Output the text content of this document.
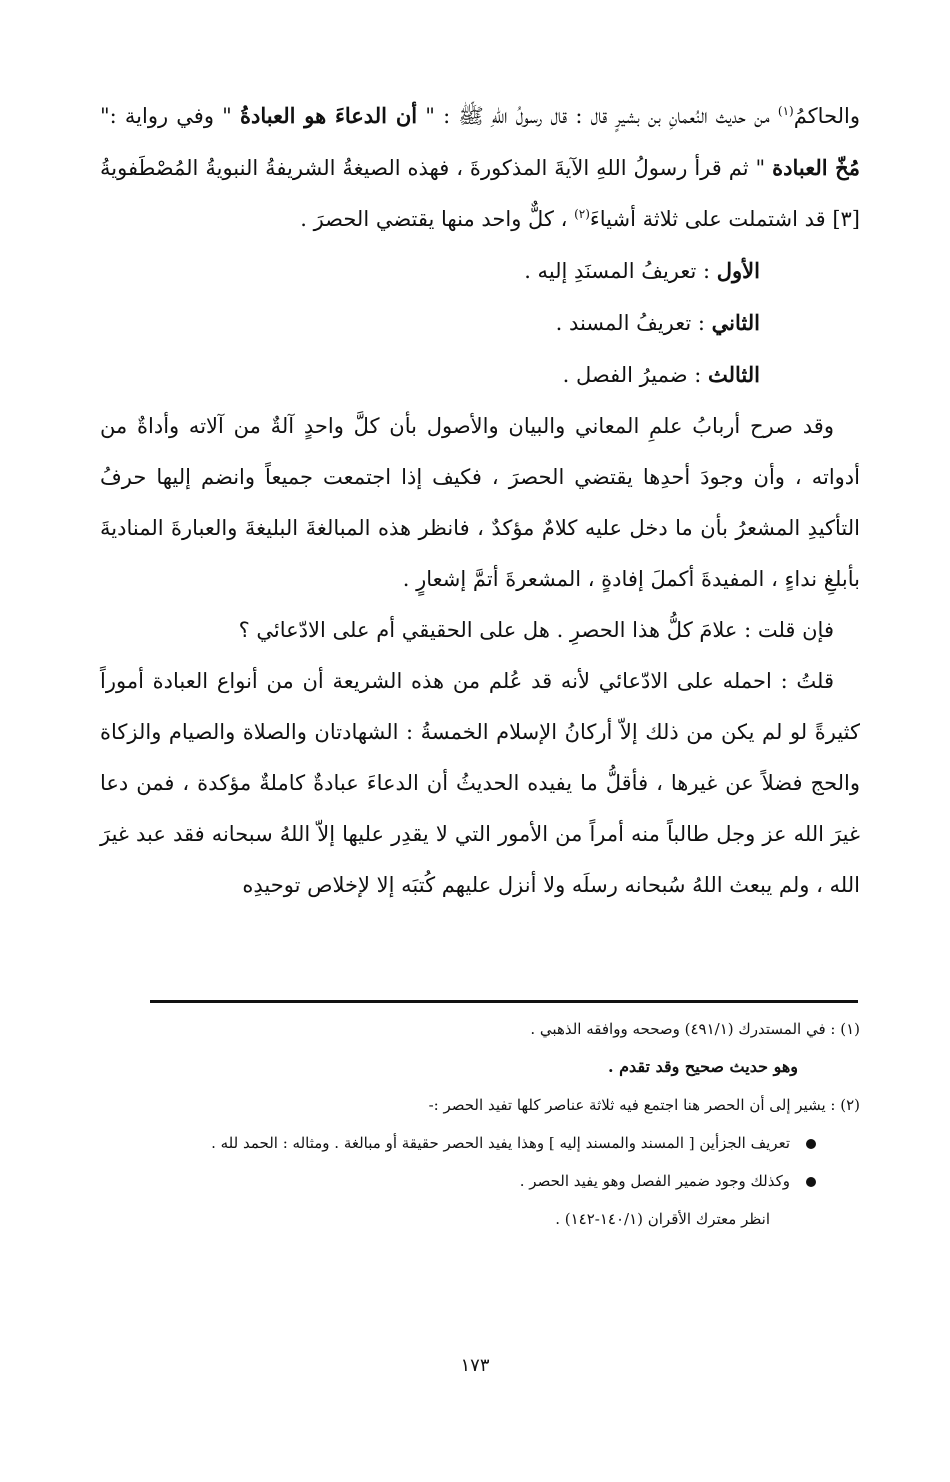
والحاكمُ$^{(١)}$ من حديث النُعمانِ بن بشيرٍ قال : قال رسولُ اللهِ ﷺ : " أن الدعاءَ هو العبادةُ " وفي رواية :" مُخّ العبادة " ثم قرأ رسولُ اللهِ الآيةَ المذكورةَ ، فهذه الصيغةُ الشريفةُ النبويةُ المُصْطَفويةُ [٣] قد اشتملت على ثلاثة أشياءَ$^{(٢)}$ ، كلٌّ واحد منها يقتضي الحصرَ .

الأول : تعريفُ المسنَدِ إليه .

الثاني : تعريفُ المسند .

الثالث : ضميرُ الفصل .

وقد صرح أربابُ علمِ المعاني والبيان والأصول بأن كلَّ واحدٍ آلةٌ من آلاته وأداةٌ من أدواته ، وأن وجودَ أحدِها يقتضي الحصرَ ، فكيف إذا اجتمعت جميعاً وانضم إليها حرفُ التأكيدِ المشعرُ بأن ما دخل عليه كلامٌ مؤكدٌ ، فانظر هذه المبالغةَ البليغةَ والعبارةَ المناديةَ بأبلغِ نداءٍ ، المفيدةَ أكملَ إفادةٍ ، المشعرةَ أتمَّ إشعارٍ .

فإن قلت : علامَ كلُّ هذا الحصرِ . هل على الحقيقي أم على الادّعائي ؟

قلتُ : احمله على الادّعائي لأنه قد عُلم من هذه الشريعة أن من أنواع العبادة أموراً كثيرةً لو لم يكن من ذلك إلاّ أركانُ الإسلام الخمسةُ : الشهادتان والصلاة والصيام والزكاة والحج فضلاً عن غيرها ، فأقلُّ ما يفيده الحديثُ أن الدعاءَ عبادةٌ كاملةٌ مؤكدة ، فمن دعا غيرَ الله عز وجل طالباً منه أمراً من الأمور التي لا يقدِر عليها إلاّ اللهُ سبحانه فقد عبد غيرَ الله ، ولم يبعث اللهُ سُبحانه رسلَه ولا أنزل عليهم كُتبَه إلا لإخلاص توحيدِه

(١) : في المستدرك (٤٩١/١) وصححه ووافقه الذهبي .

وهو حديث صحيح وقد تقدم .

(٢) : يشير إلى أن الحصر هنا اجتمع فيه ثلاثة عناصر كلها تفيد الحصر :-

تعريف الجزأين [ المسند والمسند إليه ] وهذا يفيد الحصر حقيقة أو مبالغة . ومثاله : الحمد لله .

وكذلك وجود ضمير الفصل وهو يفيد الحصر .

انظر معترك الأقران (١٤٠/١-١٤٢) .

١٧٣
